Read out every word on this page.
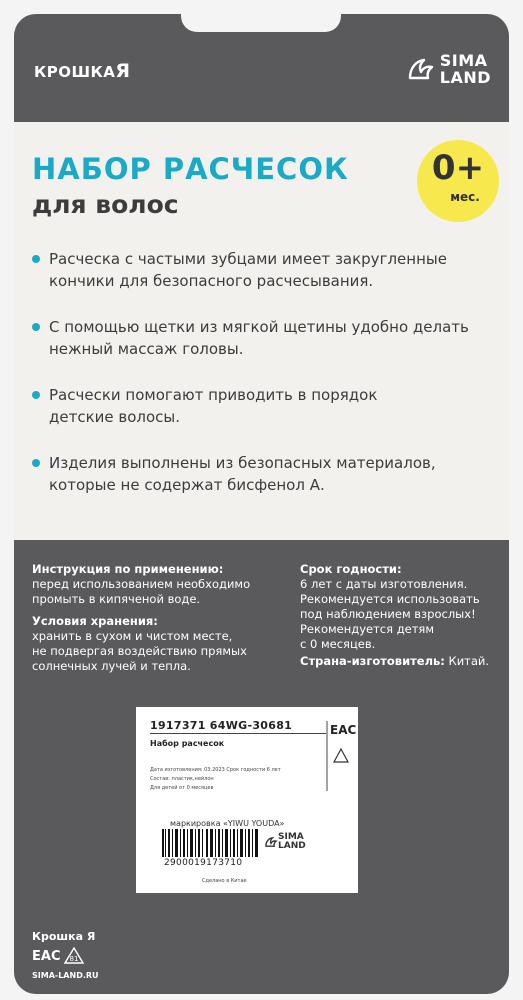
КРОШКАЯ	SIMA
LAND
НАБОР РАСЧЕСОК
для волос
0+
мес.
Расческа с частыми зубцами имеет закругленные
кончики для безопасного расчесывания.
С помощью щетки из мягкой щетины удобно делать
нежный массаж головы.
Расчески помогают приводить в порядок
детские волосы.
Изделия выполнены из безопасных материалов,
которые не содержат бисфенол А.
Инструкция по применению:
перед использованием необходимо
промыть в кипяченой воде.
Условия хранения:
хранить в сухом и чистом месте,
не подвергая воздействию прямых
солнечных лучей и тепла.
Срок годности:
6 лет с даты изготовления.
Рекомендуется использовать
под наблюдением взрослых!
Рекомендуется детям
с 0 месяцев.
Страна-изготовитель: Китай.
1917371 64WG-30681
Набор расчесок
Дата изготовления: 03.2023 Срок годности 6 лет
Состав: пластик,нейлон
Для детей от 0 месяцев
EAC
маркировка «YIWU YOUDA»
2900019173710
SIMA
LAND
Сделано в Китае
Крошка Я
EAC 81
SIMA-LAND.RU
